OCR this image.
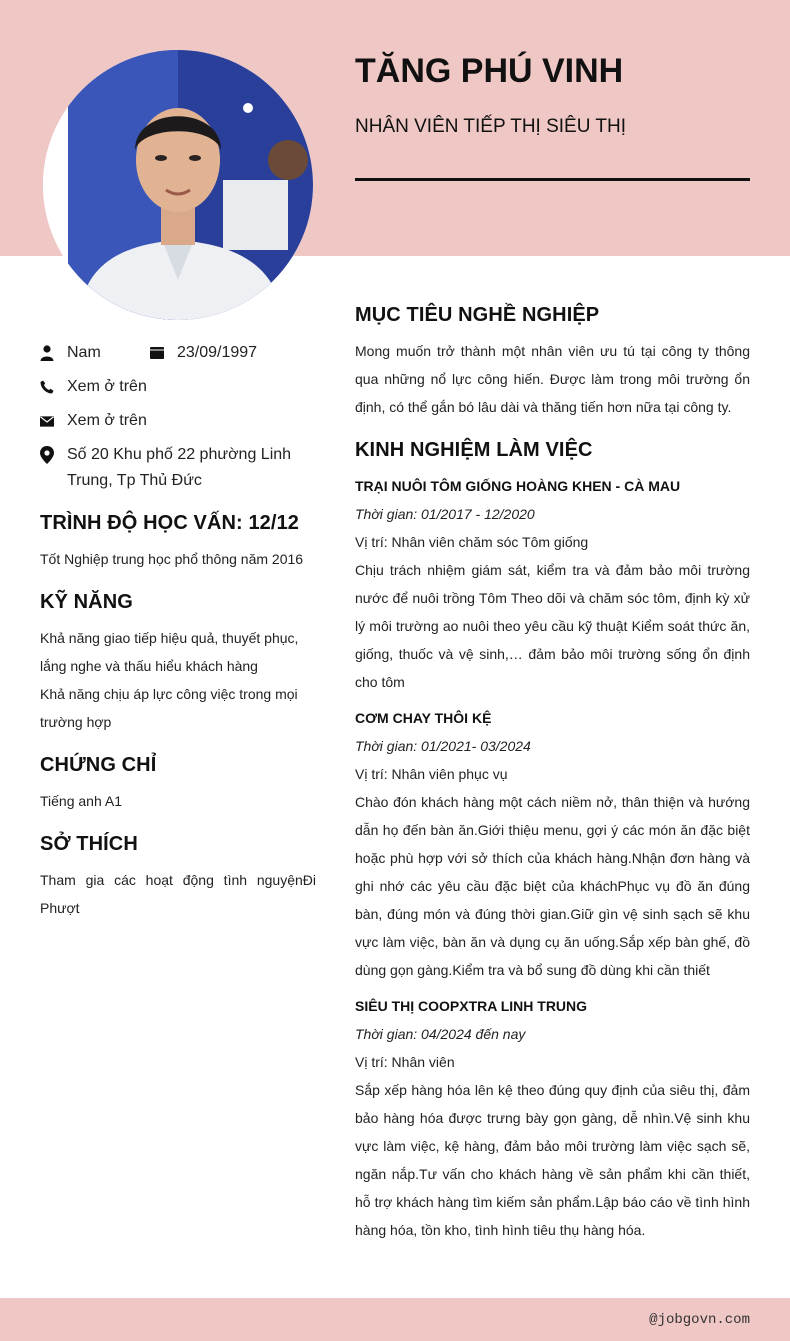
TĂNG PHÚ VINH
NHÂN VIÊN TIẾP THỊ SIÊU THỊ
Nam	23/09/1997
Xem ở trên
Xem ở trên
Số 20 Khu phố 22 phường Linh Trung, Tp Thủ Đức
TRÌNH ĐỘ HỌC VẤN: 12/12

Tốt Nghiệp trung học phổ thông năm 2016

KỸ NĂNG

Khả năng giao tiếp hiệu quả, thuyết phục, lắng nghe và thấu hiểu khách hàng

Khả năng chịu áp lực công việc trong mọi trường hợp

CHỨNG CHỈ

Tiếng anh A1

SỞ THÍCH

Tham gia các hoạt động tình nguyệnĐi Phượt

MỤC TIÊU NGHỀ NGHIỆP

Mong muốn trở thành một nhân viên ưu tú tại công ty thông qua những nổ lực công hiến. Được làm trong môi trường ổn định, có thể gắn bó lâu dài và thăng tiến hơn nữa tại công ty.

KINH NGHIỆM LÀM VIỆC
TRẠI NUÔI TÔM GIỐNG HOÀNG KHEN - CÀ MAU

Thời gian: 01/2017 - 12/2020

Vị trí: Nhân viên chăm sóc Tôm giống

Chịu trách nhiệm giám sát, kiểm tra và đảm bảo môi trường nước để nuôi trồng Tôm Theo dõi và chăm sóc tôm, định kỳ xử lý môi trường ao nuôi theo yêu cầu kỹ thuật Kiểm soát thức ăn, giống, thuốc và vệ sinh,… đảm bảo môi trường sống ổn định cho tôm

CƠM CHAY THÔI KỆ

Thời gian: 01/2021- 03/2024

Vị trí: Nhân viên phục vụ

Chào đón khách hàng một cách niềm nở, thân thiện và hướng dẫn họ đến bàn ăn.Giới thiệu menu, gợi ý các món ăn đặc biệt hoặc phù hợp với sở thích của khách hàng.Nhận đơn hàng và ghi nhớ các yêu cầu đặc biệt của kháchPhục vụ đồ ăn đúng bàn, đúng món và đúng thời gian.Giữ gìn vệ sinh sạch sẽ khu vực làm việc, bàn ăn và dụng cụ ăn uống.Sắp xếp bàn ghế, đồ dùng gọn gàng.Kiểm tra và bổ sung đồ dùng khi cần thiết

SIÊU THỊ COOPXTRA LINH TRUNG

Thời gian: 04/2024 đến nay

Vị trí: Nhân viên

Sắp xếp hàng hóa lên kệ theo đúng quy định của siêu thị, đảm bảo hàng hóa được trưng bày gọn gàng, dễ nhìn.Vệ sinh khu vực làm việc, kệ hàng, đảm bảo môi trường làm việc sạch sẽ, ngăn nắp.Tư vấn cho khách hàng về sản phẩm khi cần thiết, hỗ trợ khách hàng tìm kiếm sản phẩm.Lập báo cáo về tình hình hàng hóa, tồn kho, tình hình tiêu thụ hàng hóa.

@jobgovn.com
